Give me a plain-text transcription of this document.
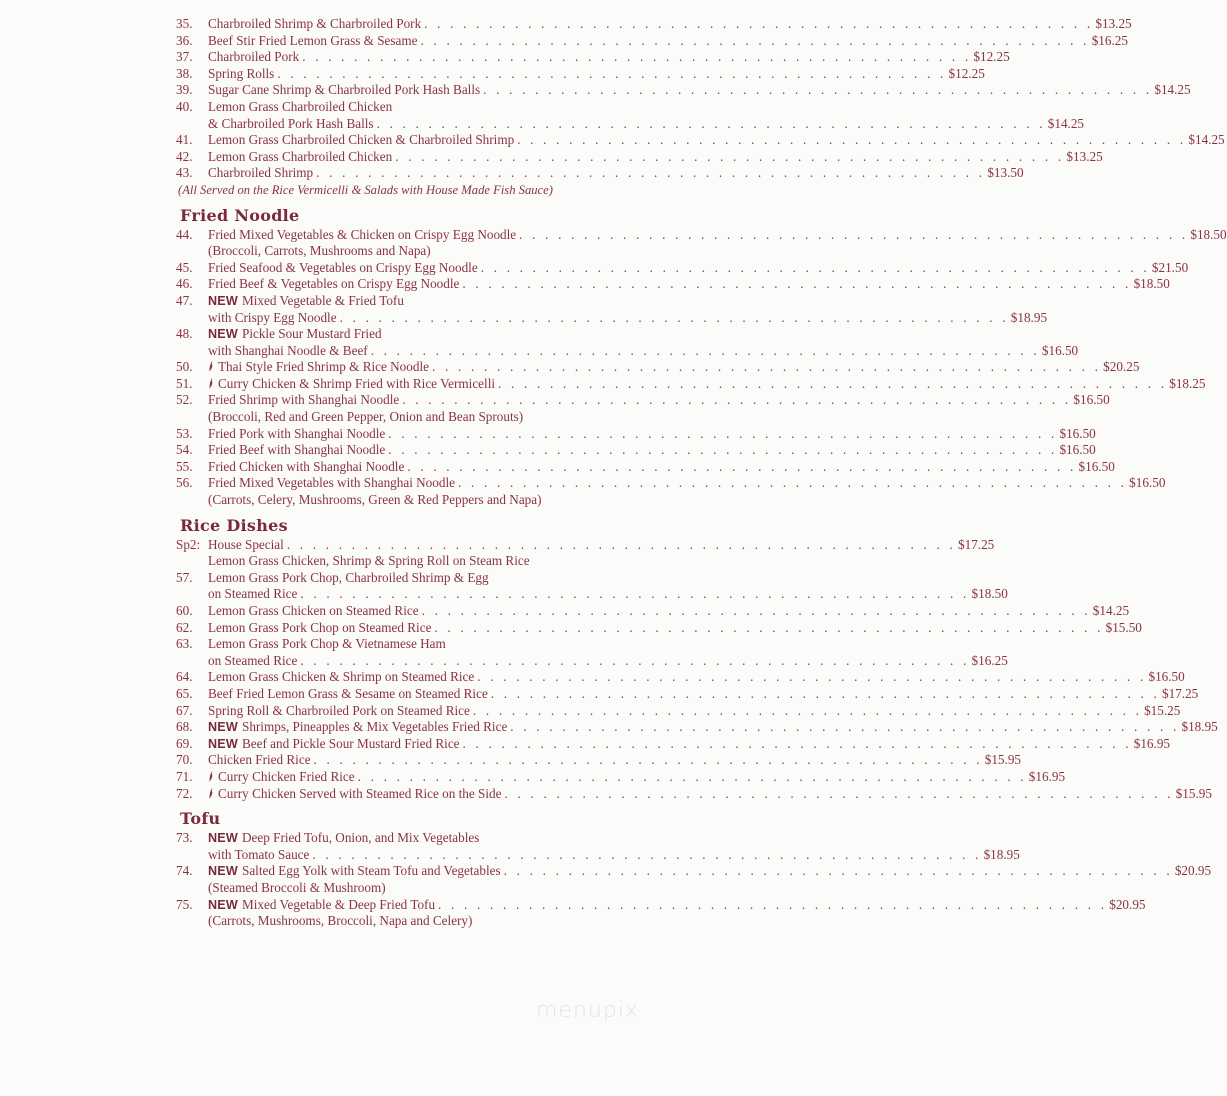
35.	Charbroiled Shrimp & Charbroiled Pork . . . . . . . . . . . . . . . . . . . . . . . . . . . . . . . . . . . . . . . . . . . . . . . . . . . . $13.25
36.	Beef Stir Fried Lemon Grass & Sesame . . . . . . . . . . . . . . . . . . . . . . . . . . . . . . . . . . . . . . . . . . . . . . . . . . . . $16.25
37.	Charbroiled Pork . . . . . . . . . . . . . . . . . . . . . . . . . . . . . . . . . . . . . . . . . . . . . . . . . . . . $12.25
38.	Spring Rolls . . . . . . . . . . . . . . . . . . . . . . . . . . . . . . . . . . . . . . . . . . . . . . . . . . . . $12.25
39.	Sugar Cane Shrimp & Charbroiled Pork Hash Balls . . . . . . . . . . . . . . . . . . . . . . . . . . . . . . . . . . . . . . . . . . . . . . . . . . . . $14.25
40.	Lemon Grass Charbroiled Chicken
& Charbroiled Pork Hash Balls . . . . . . . . . . . . . . . . . . . . . . . . . . . . . . . . . . . . . . . . . . . . . . . . . . . . $14.25
41.	Lemon Grass Charbroiled Chicken & Charbroiled Shrimp . . . . . . . . . . . . . . . . . . . . . . . . . . . . . . . . . . . . . . . . . . . . . . . . . . . . $14.25
42.	Lemon Grass Charbroiled Chicken . . . . . . . . . . . . . . . . . . . . . . . . . . . . . . . . . . . . . . . . . . . . . . . . . . . . $13.25
43.	Charbroiled Shrimp . . . . . . . . . . . . . . . . . . . . . . . . . . . . . . . . . . . . . . . . . . . . . . . . . . . . $13.50
(All Served on the Rice Vermicelli & Salads with House Made Fish Sauce)
Fried Noodle
44.	Fried Mixed Vegetables & Chicken on Crispy Egg Noodle . . . . . . . . . . . . . . . . . . . . . . . . . . . . . . . . . . . . . . . . . . . . . . . . . . . . $18.50
(Broccoli, Carrots, Mushrooms and Napa)
45.	Fried Seafood & Vegetables on Crispy Egg Noodle . . . . . . . . . . . . . . . . . . . . . . . . . . . . . . . . . . . . . . . . . . . . . . . . . . . . $21.50
46.	Fried Beef & Vegetables on Crispy Egg Noodle . . . . . . . . . . . . . . . . . . . . . . . . . . . . . . . . . . . . . . . . . . . . . . . . . . . . $18.50
47.	NEW Mixed Vegetable & Fried Tofu
with Crispy Egg Noodle . . . . . . . . . . . . . . . . . . . . . . . . . . . . . . . . . . . . . . . . . . . . . . . . . . . . $18.95
48.	NEW Pickle Sour Mustard Fried
with Shanghai Noodle & Beef . . . . . . . . . . . . . . . . . . . . . . . . . . . . . . . . . . . . . . . . . . . . . . . . . . . . $16.50
50.	Thai Style Fried Shrimp & Rice Noodle . . . . . . . . . . . . . . . . . . . . . . . . . . . . . . . . . . . . . . . . . . . . . . . . . . . . $20.25
51.	Curry Chicken & Shrimp Fried with Rice Vermicelli . . . . . . . . . . . . . . . . . . . . . . . . . . . . . . . . . . . . . . . . . . . . . . . . . . . . $18.25
52.	Fried Shrimp with Shanghai Noodle . . . . . . . . . . . . . . . . . . . . . . . . . . . . . . . . . . . . . . . . . . . . . . . . . . . . $16.50
(Broccoli, Red and Green Pepper, Onion and Bean Sprouts)
53.	Fried Pork with Shanghai Noodle . . . . . . . . . . . . . . . . . . . . . . . . . . . . . . . . . . . . . . . . . . . . . . . . . . . . $16.50
54.	Fried Beef with Shanghai Noodle . . . . . . . . . . . . . . . . . . . . . . . . . . . . . . . . . . . . . . . . . . . . . . . . . . . . $16.50
55.	Fried Chicken with Shanghai Noodle . . . . . . . . . . . . . . . . . . . . . . . . . . . . . . . . . . . . . . . . . . . . . . . . . . . . $16.50
56.	Fried Mixed Vegetables with Shanghai Noodle . . . . . . . . . . . . . . . . . . . . . . . . . . . . . . . . . . . . . . . . . . . . . . . . . . . . $16.50
(Carrots, Celery, Mushrooms, Green & Red Peppers and Napa)
Rice Dishes
Sp2: House Special . . . . . . . . . . . . . . . . . . . . . . . . . . . . . . . . . . . . . . . . . . . . . . . . . . . . $17.25
Lemon Grass Chicken, Shrimp & Spring Roll on Steam Rice
57.	Lemon Grass Pork Chop, Charbroiled Shrimp & Egg
on Steamed Rice . . . . . . . . . . . . . . . . . . . . . . . . . . . . . . . . . . . . . . . . . . . . . . . . . . . . $18.50
60.	Lemon Grass Chicken on Steamed Rice . . . . . . . . . . . . . . . . . . . . . . . . . . . . . . . . . . . . . . . . . . . . . . . . . . . . $14.25
62.	Lemon Grass Pork Chop on Steamed Rice . . . . . . . . . . . . . . . . . . . . . . . . . . . . . . . . . . . . . . . . . . . . . . . . . . . . $15.50
63.	Lemon Grass Pork Chop & Vietnamese Ham
on Steamed Rice . . . . . . . . . . . . . . . . . . . . . . . . . . . . . . . . . . . . . . . . . . . . . . . . . . . . $16.25
64.	Lemon Grass Chicken & Shrimp on Steamed Rice . . . . . . . . . . . . . . . . . . . . . . . . . . . . . . . . . . . . . . . . . . . . . . . . . . . . $16.50
65.	Beef Fried Lemon Grass & Sesame on Steamed Rice . . . . . . . . . . . . . . . . . . . . . . . . . . . . . . . . . . . . . . . . . . . . . . . . . . . . $17.25
67.	Spring Roll & Charbroiled Pork on Steamed Rice . . . . . . . . . . . . . . . . . . . . . . . . . . . . . . . . . . . . . . . . . . . . . . . . . . . . $15.25
68.	NEW Shrimps, Pineapples & Mix Vegetables Fried Rice . . . . . . . . . . . . . . . . . . . . . . . . . . . . . . . . . . . . . . . . . . . . . . . . . . . . $18.95
69.	NEW Beef and Pickle Sour Mustard Fried Rice . . . . . . . . . . . . . . . . . . . . . . . . . . . . . . . . . . . . . . . . . . . . . . . . . . . . $16.95
70.	Chicken Fried Rice . . . . . . . . . . . . . . . . . . . . . . . . . . . . . . . . . . . . . . . . . . . . . . . . . . . . $15.95
71.	Curry Chicken Fried Rice . . . . . . . . . . . . . . . . . . . . . . . . . . . . . . . . . . . . . . . . . . . . . . . . . . . . $16.95
72.	Curry Chicken Served with Steamed Rice on the Side . . . . . . . . . . . . . . . . . . . . . . . . . . . . . . . . . . . . . . . . . . . . . . . . . . . . $15.95
Tofu
73.	NEW Deep Fried Tofu, Onion, and Mix Vegetables
with Tomato Sauce . . . . . . . . . . . . . . . . . . . . . . . . . . . . . . . . . . . . . . . . . . . . . . . . . . . . $18.95
74.	NEW Salted Egg Yolk with Steam Tofu and Vegetables . . . . . . . . . . . . . . . . . . . . . . . . . . . . . . . . . . . . . . . . . . . . . . . . . . . . $20.95
(Steamed Broccoli & Mushroom)
75.	NEW Mixed Vegetable & Deep Fried Tofu . . . . . . . . . . . . . . . . . . . . . . . . . . . . . . . . . . . . . . . . . . . . . . . . . . . . $20.95
(Carrots, Mushrooms, Broccoli, Napa and Celery)
menupix
